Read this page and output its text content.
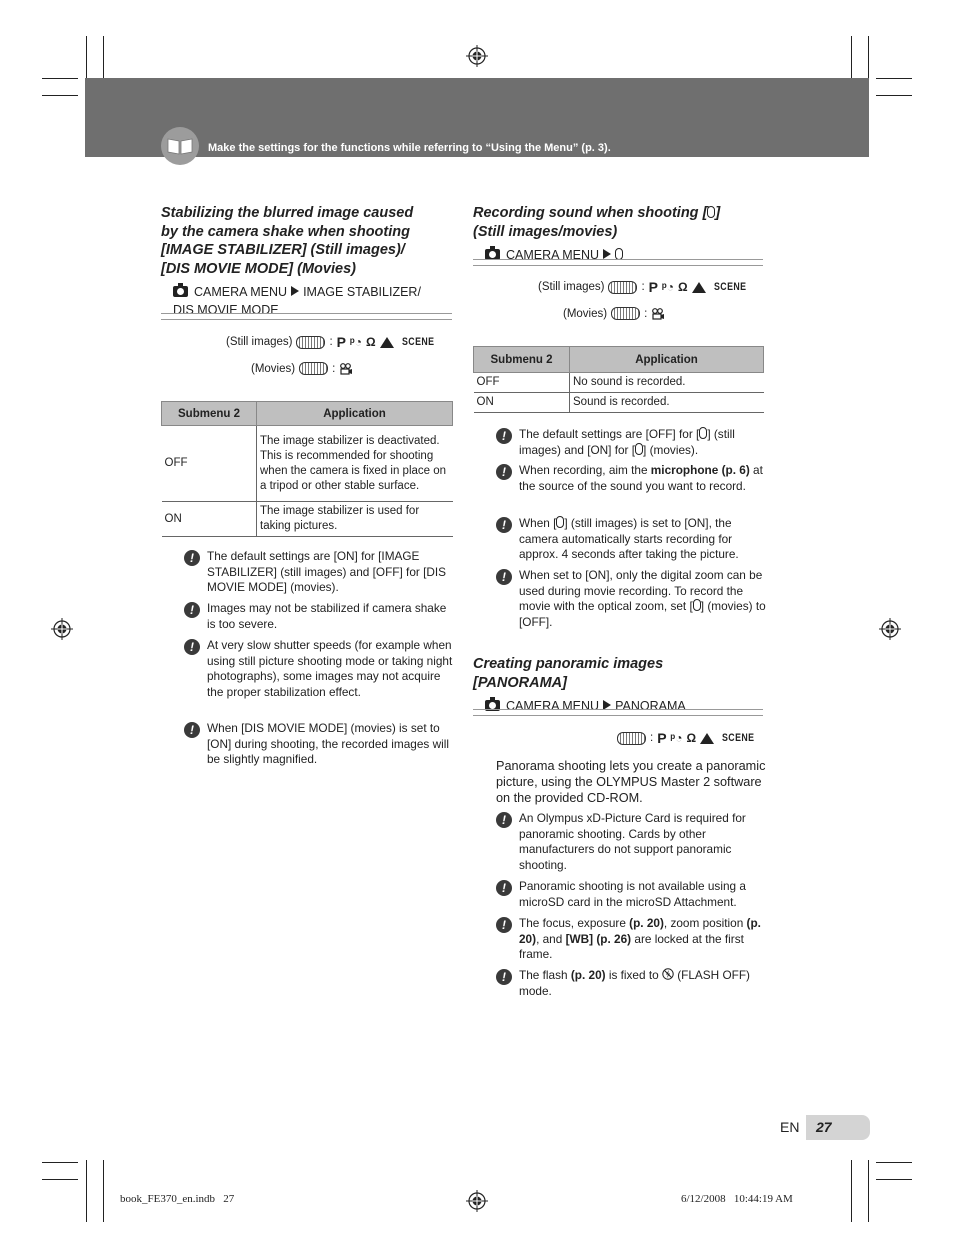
Make the settings for the functions while referring to “Using the Menu” (p. 3).
Stabilizing the blurred image caused
by the camera shake when shooting
[IMAGE STABILIZER] (Still images)/
[DIS MOVIE MODE] (Movies)
CAMERA MENU IMAGE STABILIZER/
DIS MOVIE MODE
(Still images)	: P ᵖ◔ Ω SCENE
(Movies)	:
Submenu 2	Application
OFF	The image stabilizer is deactivated. This is recommended for shooting when the camera is fixed in place on a tripod or other stable surface.
ON	The image stabilizer is used for taking pictures.
!	The default settings are [ON] for [IMAGE STABILIZER] (still images) and [OFF] for [DIS MOVIE MODE] (movies).
!	Images may not be stabilized if camera shake is too severe.
!	At very slow shutter speeds (for example when using still picture shooting mode or taking night photographs), some images may not acquire the proper stabilization effect.
!	When [DIS MOVIE MODE] (movies) is set to [ON] during shooting, the recorded images will be slightly magnified.
Recording sound when shooting [ ]
(Still images/movies)
CAMERA MENU
(Still images)	: P ᵖ◔ Ω SCENE
(Movies)	:
Submenu 2	Application
OFF	No sound is recorded.
ON	Sound is recorded.
!	The default settings are [OFF] for [ ] (still images) and [ON] for [ ] (movies).
!	When recording, aim the microphone (p. 6) at the source of the sound you want to record.
!	When [ ] (still images) is set to [ON], the camera automatically starts recording for approx. 4 seconds after taking the picture.
!	When set to [ON], only the digital zoom can be used during movie recording. To record the movie with the optical zoom, set [ ] (movies) to [OFF].
Creating panoramic images
[PANORAMA]
CAMERA MENU PANORAMA
: P ᵖ◔ Ω SCENE
Panorama shooting lets you create a panoramic picture, using the OLYMPUS Master 2 software on the provided CD-ROM.
!	An Olympus xD-Picture Card is required for panoramic shooting. Cards by other manufacturers do not support panoramic shooting.
!	Panoramic shooting is not available using a microSD card in the microSD Attachment.
!	The focus, exposure (p. 20), zoom position (p. 20), and [WB] (p. 26) are locked at the first frame.
!	The flash (p. 20) is fixed to  (FLASH OFF) mode.
EN 27
book_FE370_en.indb   27	6/12/2008   10:44:19 AM
